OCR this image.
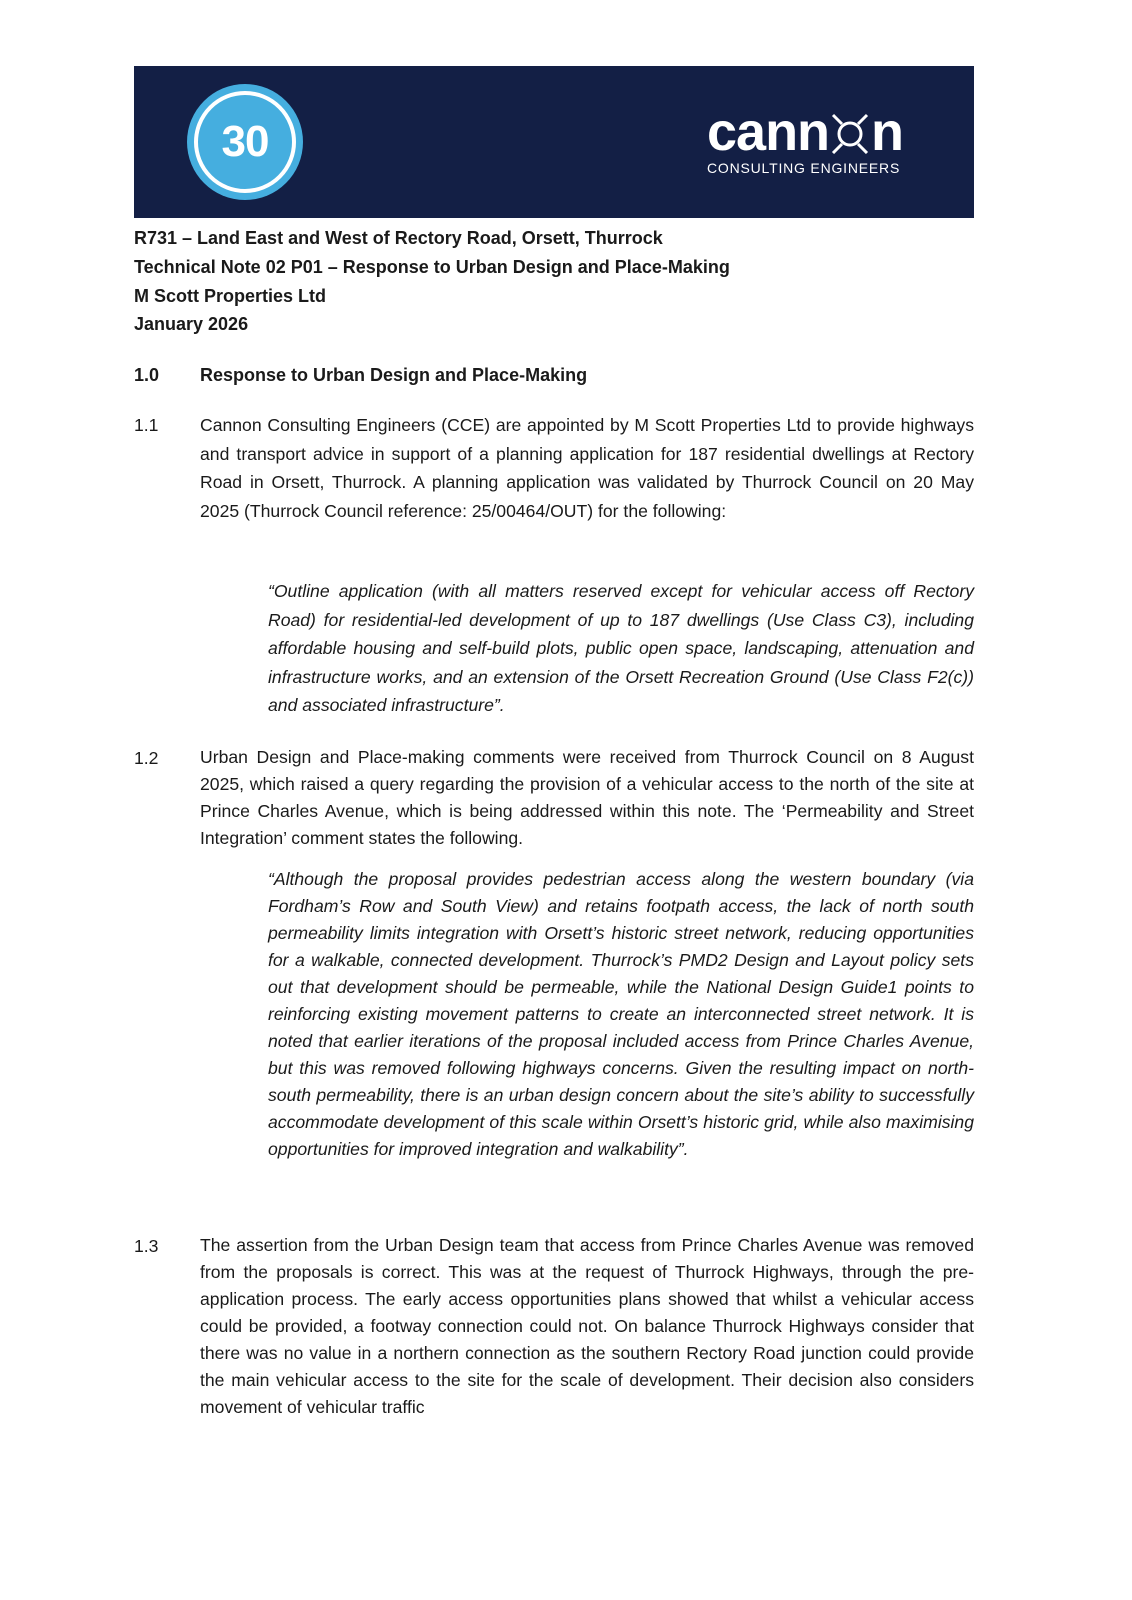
30	cann n
CONSULTING ENGINEERS
R731 – Land East and West of Rectory Road, Orsett, Thurrock
Technical Note 02 P01 – Response to Urban Design and Place-Making
M Scott Properties Ltd
January 2026
1.0 Response to Urban Design and Place-Making
1.1 Cannon Consulting Engineers (CCE) are appointed by M Scott Properties Ltd to provide highways and transport advice in support of a planning application for 187 residential dwellings at Rectory Road in Orsett, Thurrock. A planning application was validated by Thurrock Council on 20 May 2025 (Thurrock Council reference: 25/00464/OUT) for the following:
“Outline application (with all matters reserved except for vehicular access off Rectory Road) for residential-led development of up to 187 dwellings (Use Class C3), including affordable housing and self-build plots, public open space, landscaping, attenuation and infrastructure works, and an extension of the Orsett Recreation Ground (Use Class F2(c)) and associated infrastructure”.
1.2 Urban Design and Place-making comments were received from Thurrock Council on 8 August 2025, which raised a query regarding the provision of a vehicular access to the north of the site at Prince Charles Avenue, which is being addressed within this note. The ‘Permeability and Street Integration’ comment states the following.
“Although the proposal provides pedestrian access along the western boundary (via Fordham’s Row and South View) and retains footpath access, the lack of north south permeability limits integration with Orsett’s historic street network, reducing opportunities for a walkable, connected development. Thurrock’s PMD2 Design and Layout policy sets out that development should be permeable, while the National Design Guide1 points to reinforcing existing movement patterns to create an interconnected street network. It is noted that earlier iterations of the proposal included access from Prince Charles Avenue, but this was removed following highways concerns. Given the resulting impact on north-south permeability, there is an urban design concern about the site’s ability to successfully accommodate development of this scale within Orsett’s historic grid, while also maximising opportunities for improved integration and walkability”.
1.3 The assertion from the Urban Design team that access from Prince Charles Avenue was removed from the proposals is correct. This was at the request of Thurrock Highways, through the pre-application process. The early access opportunities plans showed that whilst a vehicular access could be provided, a footway connection could not. On balance Thurrock Highways consider that there was no value in a northern connection as the southern Rectory Road junction could provide the main vehicular access to the site for the scale of development. Their decision also considers movement of vehicular traffic
